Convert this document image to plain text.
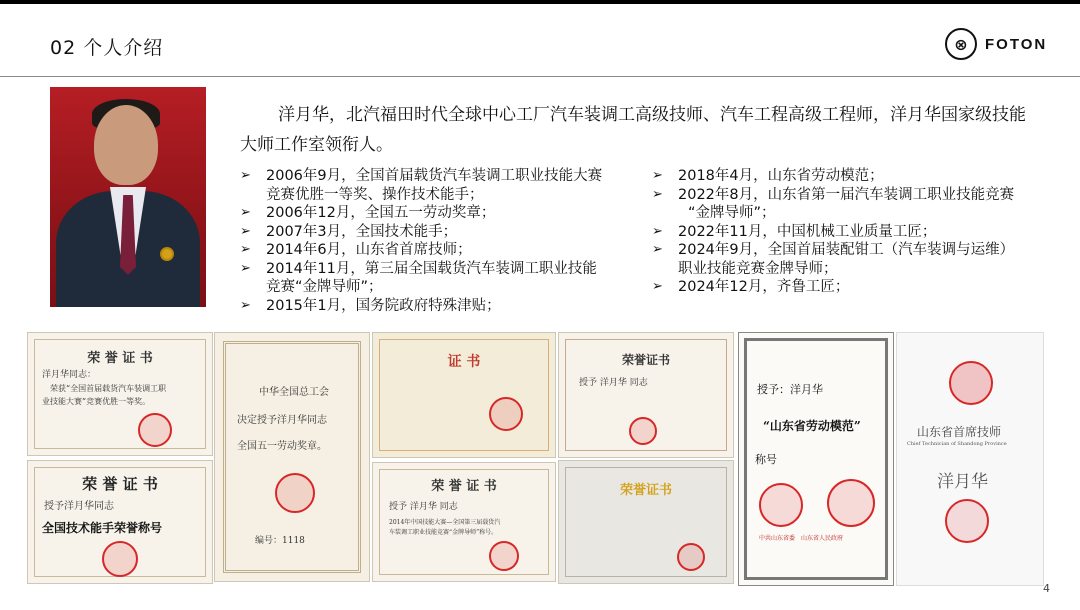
02 个人介绍	⊗	FOTON
洋月华，北汽福田时代全球中心工厂汽车装调工高级技师、汽车工程高级工程师，洋月华国家级技能大师工作室领衔人。
➢	2006年9月，全国首届载货汽车装调工职业技能大赛
竞赛优胜一等奖、操作技术能手；
➢	2006年12月，全国五一劳动奖章；
➢	2007年3月，全国技术能手；
➢	2014年6月，山东省首席技师；
➢	2014年11月，第三届全国载货汽车装调工职业技能
竞赛“金牌导师”；
➢	2015年1月，国务院政府特殊津贴；
➢	2018年4月，山东省劳动模范；
➢	2022年8月，山东省第一届汽车装调工职业技能竞赛
“金牌导师”；
➢	2022年11月，中国机械工业质量工匠；
➢	2024年9月，全国首届装配钳工（汽车装调与运维）
职业技能竞赛金牌导师；
➢	2024年12月，齐鲁工匠；
荣 誉 证 书
洋月华同志：
荣获“全国首届载货汽车装调工职
业技能大赛”竞赛优胜一等奖。
荣 誉 证 书
授予洋月华同志
全国技术能手荣誉称号
中华全国总工会
决定授予洋月华同志
全国五一劳动奖章。
编号：1118
证 书
荣 誉 证 书
授予 洋月华 同志
2014年中国技能大赛—全国第三届载货汽
车装调工职业技能竞赛“金牌导师”称号。
荣誉证书
授予 洋月华 同志
荣誉证书
授予：洋月华
“山东省劳动模范”
称号
中共山东省委　山东省人民政府
山东省首席技师
Chief Technician of Shandong Province
洋月华
4
